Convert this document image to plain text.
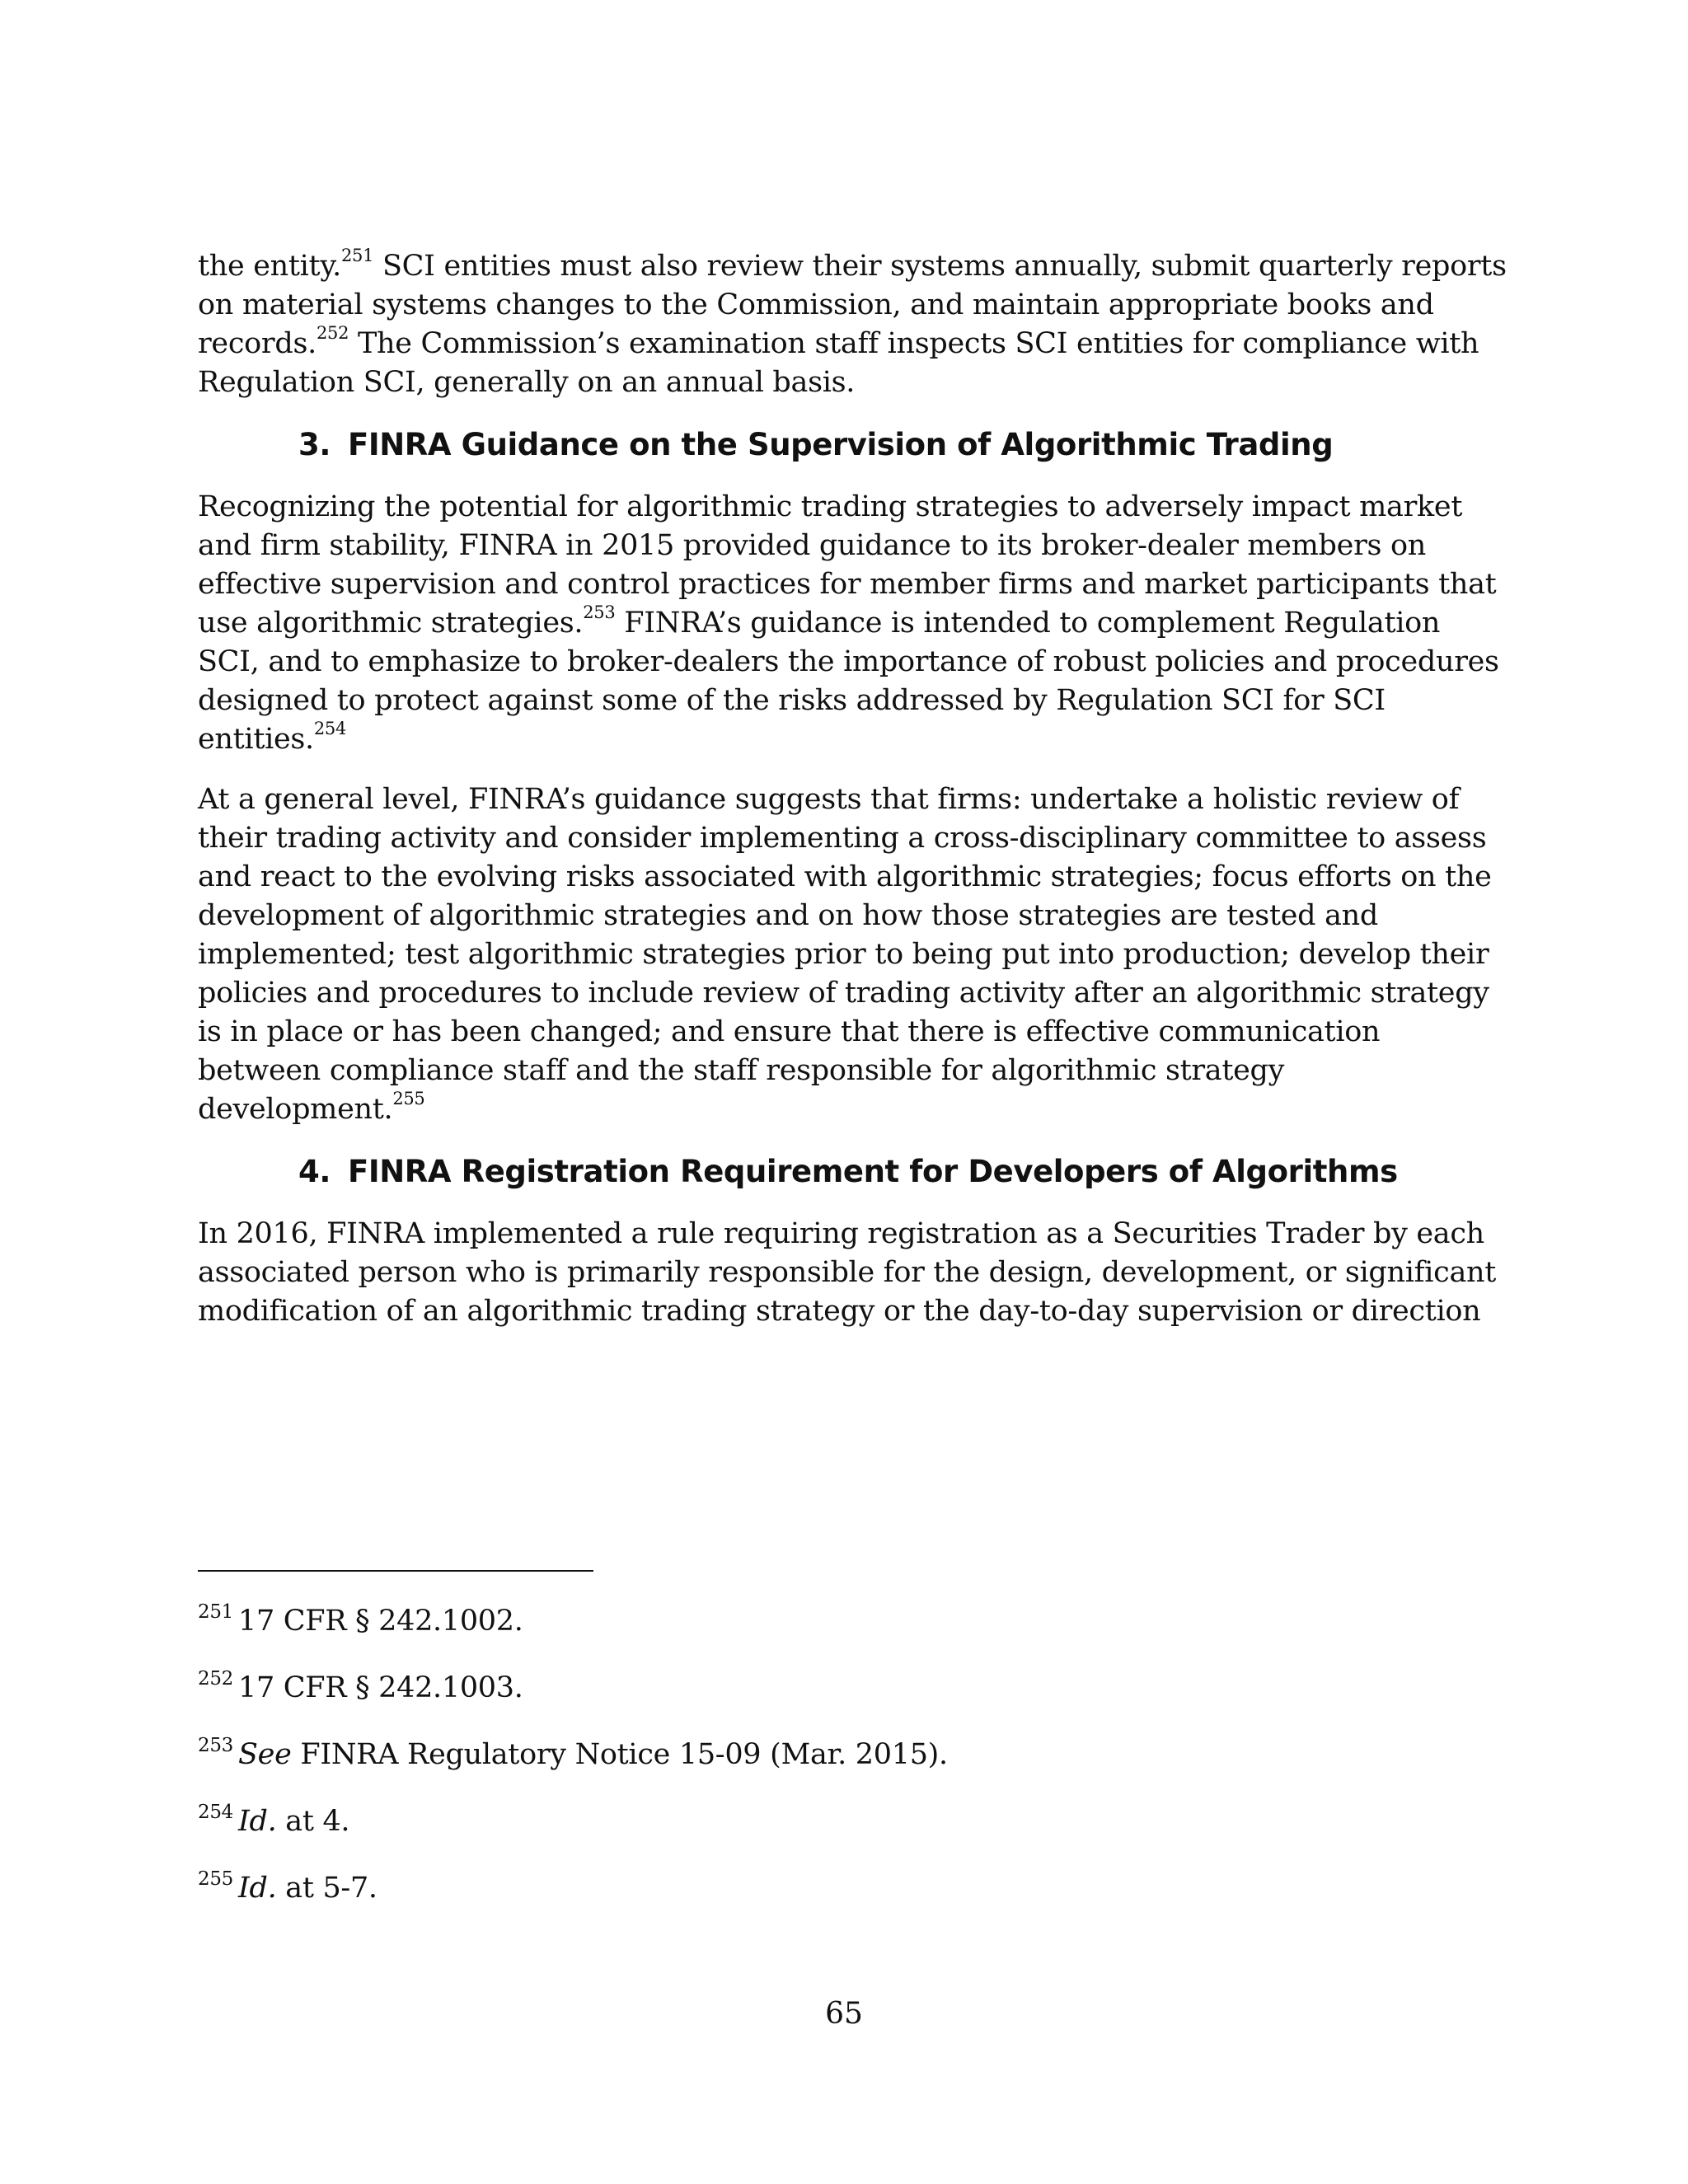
the entity.$^{251}$ SCI entities must also review their systems annually, submit quarterly reports on material systems changes to the Commission, and maintain appropriate books and records.$^{252}$ The Commission’s examination staff inspects SCI entities for compliance with Regulation SCI, generally on an annual basis.

3. FINRA Guidance on the Supervision of Algorithmic Trading

Recognizing the potential for algorithmic trading strategies to adversely impact market and firm stability, FINRA in 2015 provided guidance to its broker-dealer members on effective supervision and control practices for member firms and market participants that use algorithmic strategies.$^{253}$ FINRA’s guidance is intended to complement Regulation SCI, and to emphasize to broker-dealers the importance of robust policies and procedures designed to protect against some of the risks addressed by Regulation SCI for SCI entities.$^{254}$

At a general level, FINRA’s guidance suggests that firms: undertake a holistic review of their trading activity and consider implementing a cross-disciplinary committee to assess and react to the evolving risks associated with algorithmic strategies; focus efforts on the development of algorithmic strategies and on how those strategies are tested and implemented; test algorithmic strategies prior to being put into production; develop their policies and procedures to include review of trading activity after an algorithmic strategy is in place or has been changed; and ensure that there is effective communication between compliance staff and the staff responsible for algorithmic strategy development.$^{255}$

4. FINRA Registration Requirement for Developers of Algorithms

In 2016, FINRA implemented a rule requiring registration as a Securities Trader by each associated person who is primarily responsible for the design, development, or significant modification of an algorithmic trading strategy or the day-to-day supervision or direction

$^{251}$ 17 CFR § 242.1002.

$^{252}$ 17 CFR § 242.1003.

$^{253}$ See FINRA Regulatory Notice 15-09 (Mar. 2015).

$^{254}$ Id. at 4.

$^{255}$ Id. at 5-7.

65
